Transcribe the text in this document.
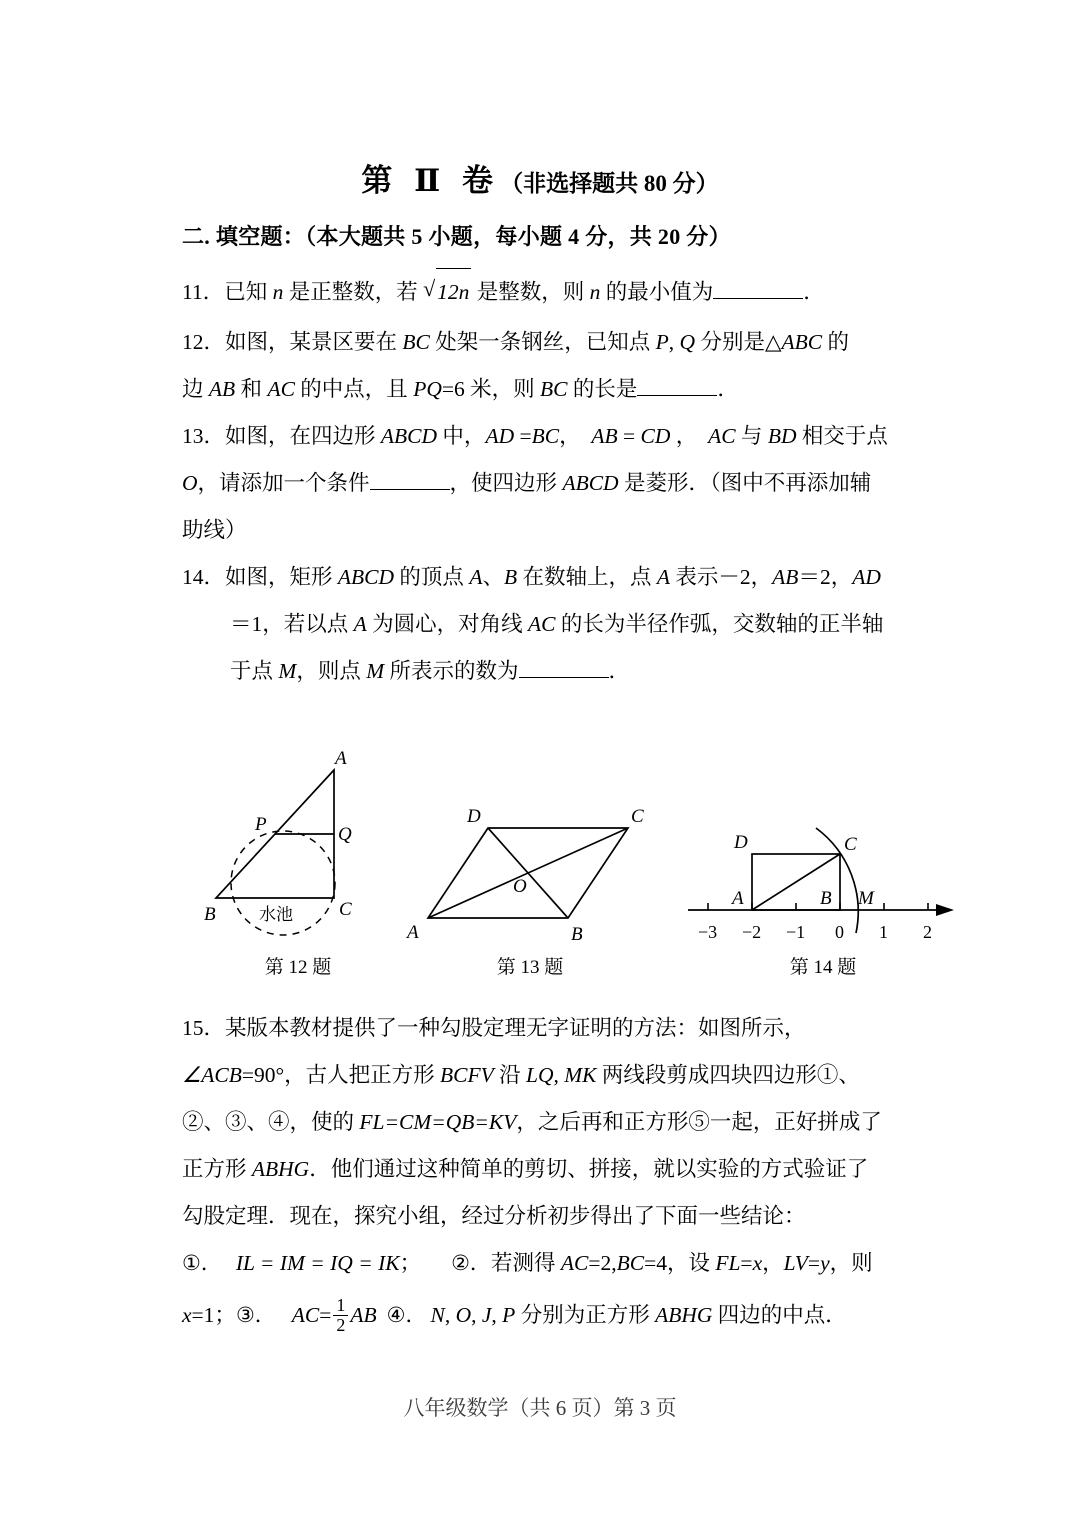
第 Ⅱ 卷（非选择题共 80 分）
二. 填空题：（本大题共 5 小题，每小题 4 分，共 20 分）
11．已知 n 是正整数，若 √ 12n 是整数，则 n 的最小值为	．
12．如图，某景区要在 BC 处架一条钢丝，已知点 P, Q 分别是△ABC 的
边 AB 和 AC 的中点，且 PQ=6 米，则 BC 的长是	．
13．如图，在四边形 ABCD 中，AD =BC，　AB = CD ，　AC 与 BD 相交于点
O，请添加一个条件	，使四边形 ABCD 是菱形．（图中不再添加辅
助线）
14．如图，矩形 ABCD 的顶点 A、B 在数轴上，点 A 表示－2，AB＝2，AD
＝1，若以点 A 为圆心，对角线 AC 的长为半径作弧，交数轴的正半轴
于点 M，则点 M 所表示的数为	．
A
B	C
P	Q
水池
第 12 题
A	B
C
D
O
第 13 题
−3 −2 −1 0 1 2
A	B
C
D
M
第 14 题
15．某版本教材提供了一种勾股定理无字证明的方法：如图所示，
∠ACB=90°，古人把正方形 BCFV 沿 LQ, MK 两线段剪成四块四边形①、
②、③、④，使的 FL=CM=QB=KV，之后再和正方形⑤一起，正好拼成了
正方形 ABHG．他们通过这种简单的剪切、拼接，就以实验的方式验证了
勾股定理．现在，探究小组，经过分析初步得出了下面一些结论：
①． IL = IM = IQ = IK； ②．若测得 AC=2,BC=4，设 FL=x，LV=y，则
x=1；③． $AC= \frac{1}{2}$ AB ④． N, O, J, P 分别为正方形 ABHG 四边的中点．
八年级数学（共 6 页）第 3 页
